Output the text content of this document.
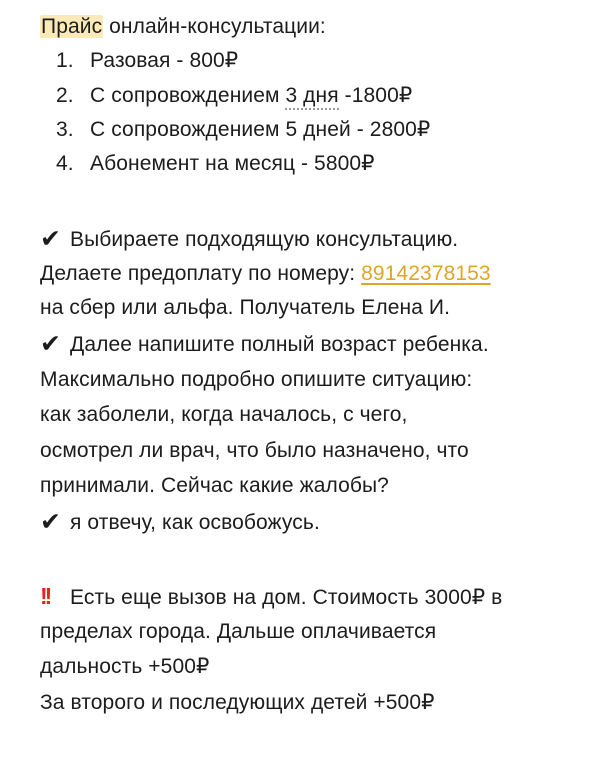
Прайс онлайн-консультации:
1. Разовая - 800₽
2. С сопровождением 3 дня -1800₽
3. С сопровождением 5 дней - 2800₽
4. Абонемент на месяц - 5800₽
✔ Выбираете подходящую консультацию.
Делаете предоплату по номеру: 89142378153
на сбер или альфа. Получатель Елена И.
✔ Далее напишите полный возраст ребенка.
Максимально подробно опишите ситуацию:
как заболели, когда началось, с чего,
осмотрел ли врач, что было назначено, что
принимали. Сейчас какие жалобы?
✔ я отвечу, как освобожусь.
!! Есть еще вызов на дом. Стоимость 3000₽ в
пределах города. Дальше оплачивается
дальность +500₽
За второго и последующих детей +500₽
